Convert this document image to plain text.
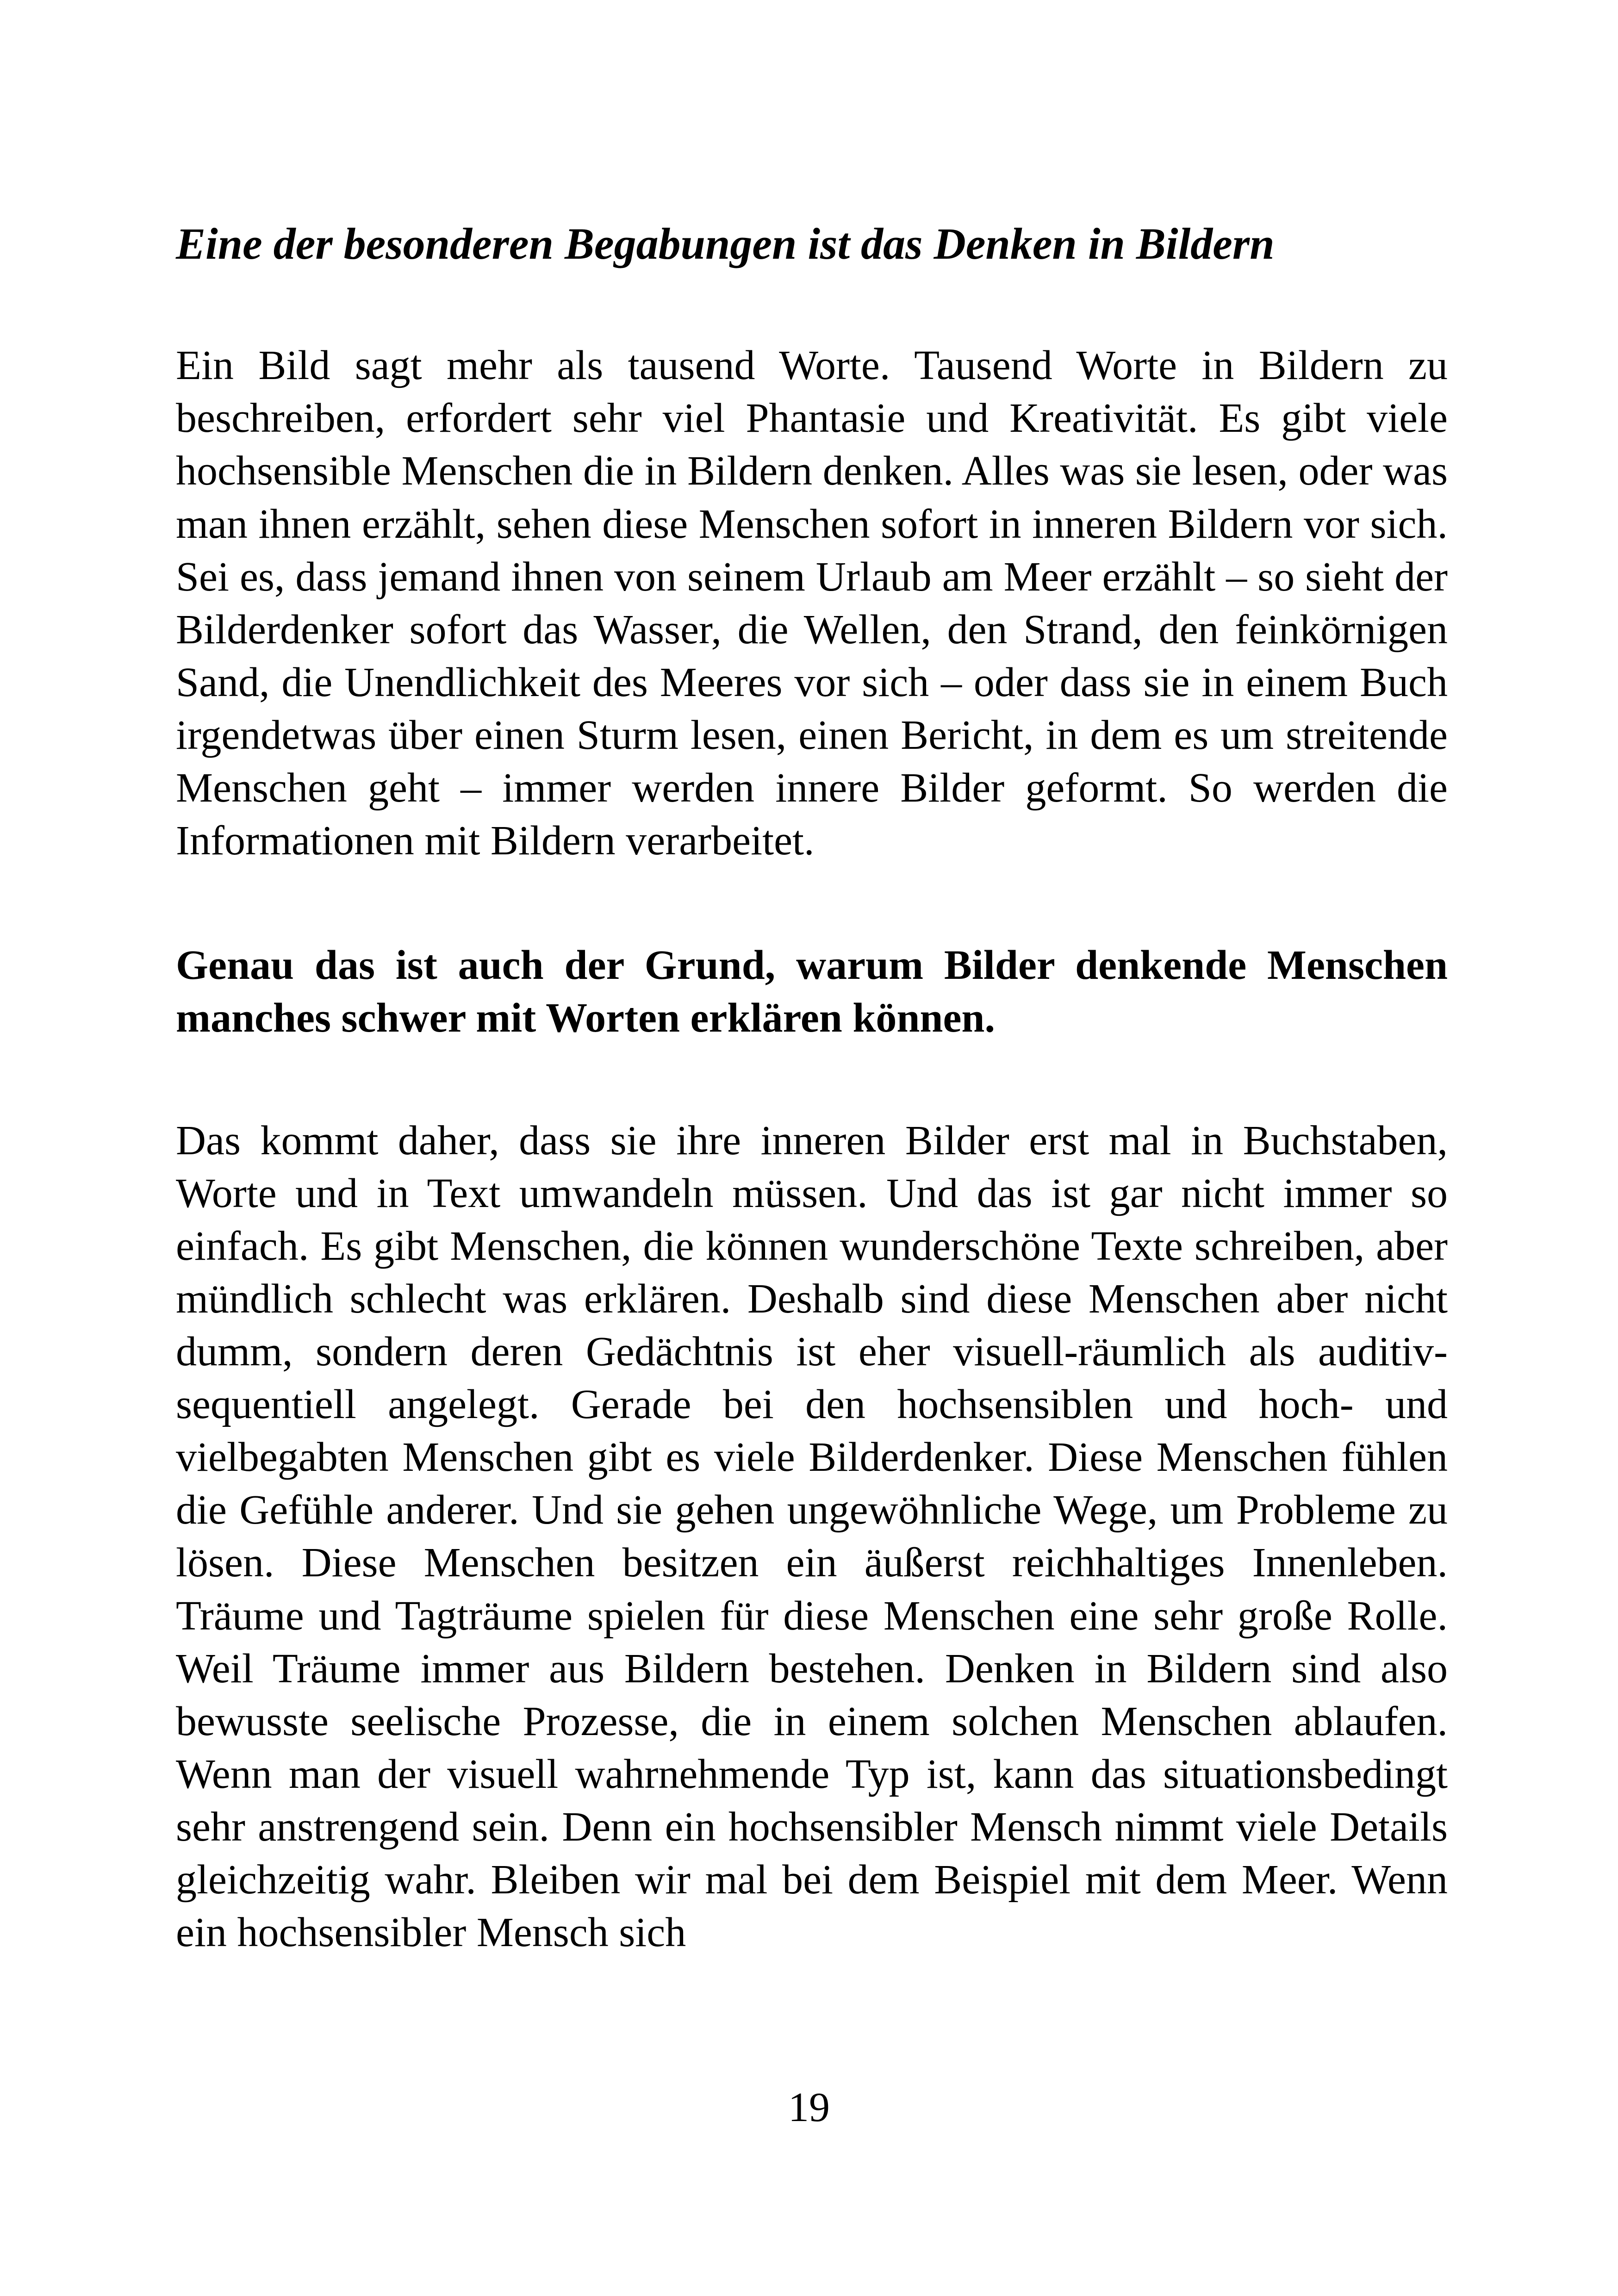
Eine der besonderen Begabungen ist das Denken in Bildern

Ein Bild sagt mehr als tausend Worte. Tausend Worte in Bildern zu beschreiben, erfordert sehr viel Phantasie und Kreativität. Es gibt viele hochsensible Menschen die in Bildern denken. Alles was sie lesen, oder was man ihnen erzählt, sehen diese Menschen sofort in inneren Bildern vor sich. Sei es, dass jemand ihnen von seinem Urlaub am Meer erzählt – so sieht der Bilderdenker sofort das Wasser, die Wellen, den Strand, den feinkörnigen Sand, die Unendlichkeit des Meeres vor sich – oder dass sie in einem Buch irgendetwas über einen Sturm lesen, einen Bericht, in dem es um streitende Menschen geht – immer werden innere Bilder geformt. So werden die Informationen mit Bildern verarbeitet.

Genau das ist auch der Grund, warum Bilder denkende Menschen manches schwer mit Worten erklären können.

Das kommt daher, dass sie ihre inneren Bilder erst mal in Buchstaben, Worte und in Text umwandeln müssen. Und das ist gar nicht immer so einfach. Es gibt Menschen, die können wunderschöne Texte schreiben, aber mündlich schlecht was erklären. Deshalb sind diese Menschen aber nicht dumm, sondern deren Gedächtnis ist eher visuell-räumlich als auditiv-sequentiell angelegt. Gerade bei den hochsensiblen und hoch- und vielbegabten Menschen gibt es viele Bilderdenker. Diese Menschen fühlen die Gefühle anderer. Und sie gehen ungewöhnliche Wege, um Probleme zu lösen. Diese Menschen besitzen ein äußerst reichhaltiges Innenleben. Träume und Tagträume spielen für diese Menschen eine sehr große Rolle. Weil Träume immer aus Bildern bestehen. Denken in Bildern sind also bewusste seelische Prozesse, die in einem solchen Menschen ablaufen. Wenn man der visuell wahrnehmende Typ ist, kann das situationsbedingt sehr anstrengend sein. Denn ein hochsensibler Mensch nimmt viele Details gleichzeitig wahr. Bleiben wir mal bei dem Beispiel mit dem Meer. Wenn ein hochsensibler Mensch sich

19
